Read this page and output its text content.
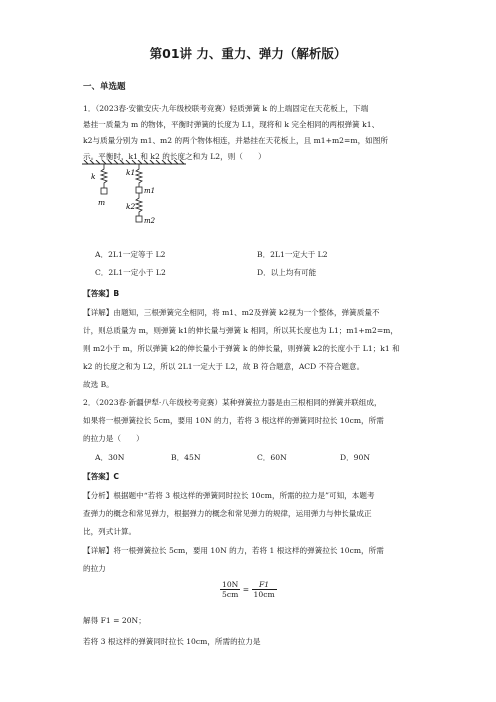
第01讲 力、重力、弹力（解析版）
一、单选题
1．（2023春·安徽安庆·九年级校联考竞赛）轻质弹簧 k 的上端固定在天花板上，下端
悬挂一质量为 m 的物体，平衡时弹簧的长度为 L1，现将和 k 完全相同的两根弹簧 k1、
k2与质量分别为 m1、m2 的两个物体相连，并悬挂在天花板上，且 m1+m2=m，如图所
示。平衡时，k1 和 k2 的长度之和为 L2，则（　　）
k
m
k1
m1
k2
m2
A．2L1一定等于 L2	B．2L1一定大于 L2
C．2L1一定小于 L2	D．以上均有可能
【答案】B
【详解】由题知，三根弹簧完全相同，将 m1、m2及弹簧 k2视为一个整体，弹簧质量不
计，则总质量为 m，则弹簧 k1的伸长量与弹簧 k 相同，所以其长度也为 L1；m1+m2=m，
则 m2小于 m，所以弹簧 k2的伸长量小于弹簧 k 的伸长量，则弹簧 k2的长度小于 L1；k1 和
k2 的长度之和为 L2，所以 2L1一定大于 L2，故 B 符合题意，ACD 不符合题意。
故选 B。
2．（2023春·新疆伊犁·八年级校考竞赛）某种弹簧拉力器是由三根相同的弹簧并联组成，
如果将一根弹簧拉长 5cm，要用 10N 的力，若将 3 根这样的弹簧同时拉长 10cm，所需
的拉力是（　　）
A．30N	B．45N	C．60N	D．90N
【答案】C
【分析】根据题中“若将 3 根这样的弹簧同时拉长 10cm，所需的拉力是”可知，本题考
查弹力的概念和常见弹力，根据弹力的概念和常见弹力的规律，运用弹力与伸长量成正
比，列式计算。
【详解】将一根弹簧拉长 5cm，要用 10N 的力，若将 1 根这样的弹簧拉长 10cm，所需
的拉力
$\frac{10N}{5cm} = \frac{F1}{10cm}$
解得 F1 = 20N；
若将 3 根这样的弹簧同时拉长 10cm，所需的拉力是
